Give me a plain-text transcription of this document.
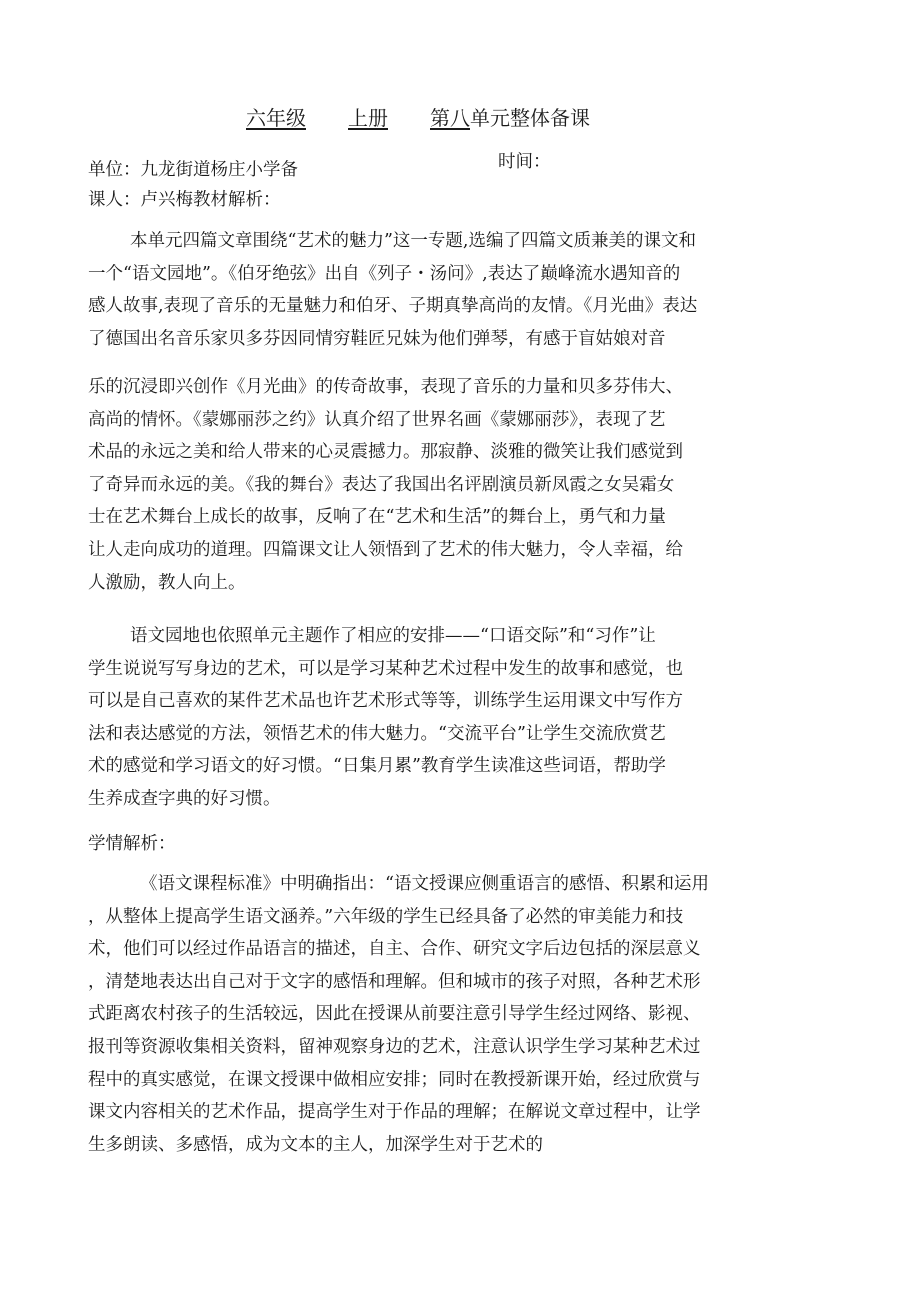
六年级 上册 第八单元整体备课
单位：九龙街道杨庄小学备	时间：
课人：卢兴梅教材解析：
本单元四篇文章围绕“艺术的魅力”这一专题,选编了四篇文质兼美的课文和
一个“语文园地”。《伯牙绝弦》出自《列子・汤问》,表达了巅峰流水遇知音的
感人故事,表现了音乐的无量魅力和伯牙、子期真挚高尚的友情。《月光曲》表达
了德国出名音乐家贝多芬因同情穷鞋匠兄妹为他们弹琴，有感于盲姑娘对音
乐的沉浸即兴创作《月光曲》的传奇故事，表现了音乐的力量和贝多芬伟大、
高尚的情怀。《蒙娜丽莎之约》认真介绍了世界名画《蒙娜丽莎》，表现了艺
术品的永远之美和给人带来的心灵震撼力。那寂静、淡雅的微笑让我们感觉到
了奇异而永远的美。《我的舞台》表达了我国出名评剧演员新凤霞之女吴霜女
士在艺术舞台上成长的故事，反响了在“艺术和生活”的舞台上，勇气和力量
让人走向成功的道理。四篇课文让人领悟到了艺术的伟大魅力，令人幸福，给
人激励，教人向上。
语文园地也依照单元主题作了相应的安排——“口语交际”和“习作”让
学生说说写写身边的艺术，可以是学习某种艺术过程中发生的故事和感觉，也
可以是自己喜欢的某件艺术品也许艺术形式等等，训练学生运用课文中写作方
法和表达感觉的方法，领悟艺术的伟大魅力。“交流平台”让学生交流欣赏艺
术的感觉和学习语文的好习惯。“日集月累”教育学生读准这些词语，帮助学
生养成查字典的好习惯。
学情解析：
《语文课程标准》中明确指出：“语文授课应侧重语言的感悟、积累和运用
，从整体上提高学生语文涵养。”六年级的学生已经具备了必然的审美能力和技
术，他们可以经过作品语言的描述，自主、合作、研究文字后边包括的深层意义
，清楚地表达出自己对于文字的感悟和理解。但和城市的孩子对照，各种艺术形
式距离农村孩子的生活较远，因此在授课从前要注意引导学生经过网络、影视、
报刊等资源收集相关资料，留神观察身边的艺术，注意认识学生学习某种艺术过
程中的真实感觉，在课文授课中做相应安排；同时在教授新课开始，经过欣赏与
课文内容相关的艺术作品，提高学生对于作品的理解；在解说文章过程中，让学
生多朗读、多感悟，成为文本的主人，加深学生对于艺术的
